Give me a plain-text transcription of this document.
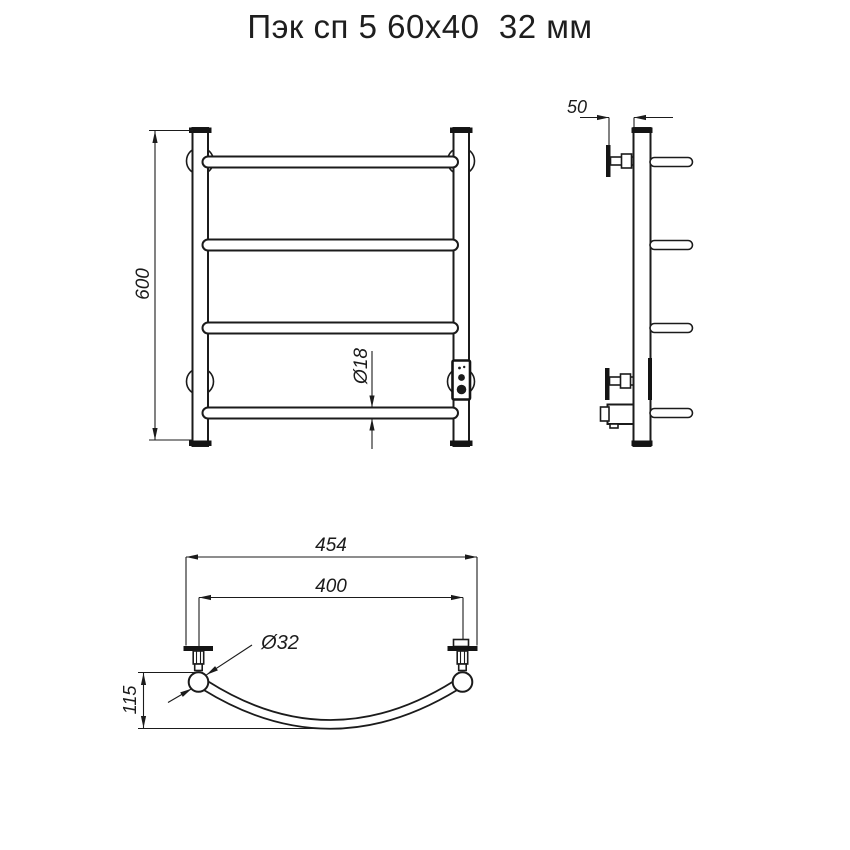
Пэк сп 5 60х40  32 мм
600
Ø18
50
454
400
115
Ø32
